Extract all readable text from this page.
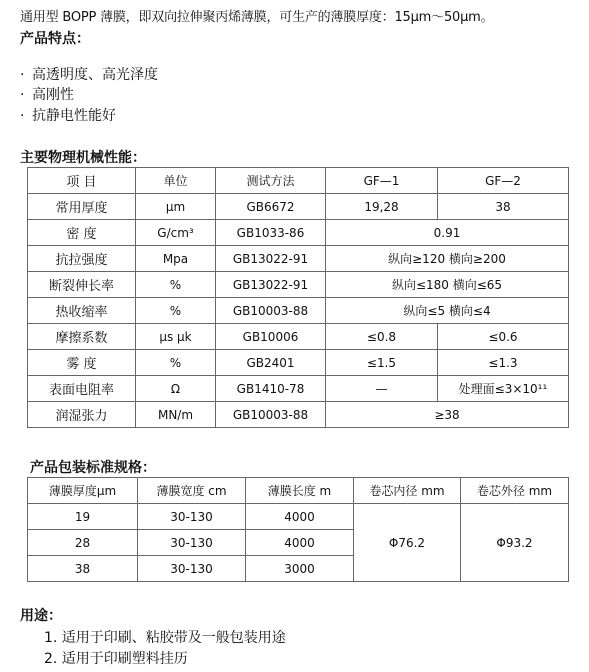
通用型 BOPP 薄膜，即双向拉伸聚丙烯薄膜，可生产的薄膜厚度：15μm～50μm。
产品特点：
· 高透明度、高光泽度
· 高刚性
· 抗静电性能好
主要物理机械性能：
项 目	单位	测试方法	GF—1	GF—2
常用厚度	μm	GB6672	19,28	38
密 度	G/cm³	GB1033-86	0.91	
抗拉强度	Mpa	GB13022-91	纵向≥120 横向≥200	
断裂伸长率	%	GB13022-91	纵向≤180 横向≤65	
热收缩率	%	GB10003-88	纵向≤5 横向≤4	
摩擦系数	μs μk	GB10006	≤0.8	≤0.6
雾 度	%	GB2401	≤1.5	≤1.3
表面电阻率	Ω	GB1410-78	—	处理面≤3×10¹¹
润湿张力	MN/m	GB10003-88	≥38	
产品包装标准规格：
薄膜厚度μm	薄膜宽度 cm	薄膜长度 m	卷芯内径 mm	卷芯外径 mm
19	30-130	4000	Φ76.2	Φ93.2
28	30-130	4000		
38	30-130	3000		
用途：
1. 适用于印刷、粘胶带及一般包装用途
2. 适用于印刷塑料挂历
